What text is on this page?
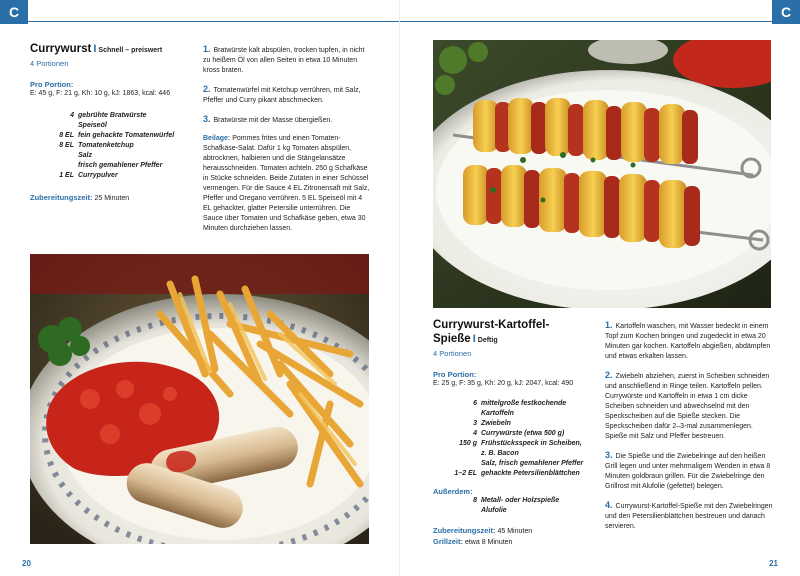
C
Currywurst I Schnell – preiswert
4 Portionen
Pro Portion:
E: 45 g, F: 21 g, Kh: 10 g, kJ: 1863, kcal: 446
4 gebrühte Bratwürste
Speiseöl
8 EL fein gehackte Tomatenwürfel
8 EL Tomatenketchup
Salz
frisch gemahlener Pfeffer
1 EL Currypulver
Zubereitungszeit: 25 Minuten

1. Bratwürste kalt abspülen, trocken tupfen, in nicht zu heißem Öl von allen Seiten in etwa 10 Minuten kross braten.

2. Tomatenwürfel mit Ketchup verrühren, mit Salz, Pfeffer und Curry pikant abschmecken.

3. Bratwürste mit der Masse übergießen.

Beilage: Pommes frites und einen Tomaten-Schafkäse-Salat. Dafür 1 kg Tomaten abspülen, abtrocknen, halbieren und die Stängelansätze herausschneiden. Tomaten achteln. 250 g Schafkäse in Stücke schneiden. Beide Zutaten in einer Schüssel vermengen. Für die Sauce 4 EL Zitronensaft mit Salz, Pfeffer und Oregano verrühren. 5 EL Speiseöl mit 4 EL gehackter, glatter Petersilie unterrühren. Die Sauce über Tomaten und Schafkäse geben, etwa 30 Minuten durchziehen lassen.

20
C
Currywurst-Kartoffel-Spieße I Deftig
4 Portionen
Pro Portion:
E: 25 g, F: 35 g, Kh: 20 g, kJ: 2047, kcal: 490
6 mittelgroße festkochende
Kartoffeln
3 Zwiebeln
4 Currywürste (etwa 500 g)
150 g Frühstücksspeck in Scheiben,
z. B. Bacon
Salz, frisch gemahlener Pfeffer
1–2 EL gehackte Petersilienblättchen
Außerdem:
8 Metall- oder Holzspieße
Alufolie
Zubereitungszeit: 45 Minuten
Grillzeit: etwa 8 Minuten

1. Kartoffeln waschen, mit Wasser bedeckt in einem Topf zum Kochen bringen und zugedeckt in etwa 20 Minuten gar kochen. Kartoffeln abgießen, abdämpfen und etwas erkalten lassen.

2. Zwiebeln abziehen, zuerst in Scheiben schneiden und anschließend in Ringe teilen. Kartoffeln pellen. Currywürste und Kartoffeln in etwa 1 cm dicke Scheiben schneiden und abwechselnd mit den Speckscheiben auf die Spieße stecken. Die Speckscheiben dafür 2–3-mal zusammenlegen. Spieße mit Salz und Pfeffer bestreuen.

3. Die Spieße und die Zwiebelringe auf den heißen Grill legen und unter mehrmaligem Wenden in etwa 8 Minuten goldbraun grillen. Für die Zwiebelringe den Grillrost mit Alufolie (gefettet) belegen.

4. Currywurst-Kartoffel-Spieße mit den Zwiebelringen und den Petersilienblättchen bestreuen und danach servieren.

21
